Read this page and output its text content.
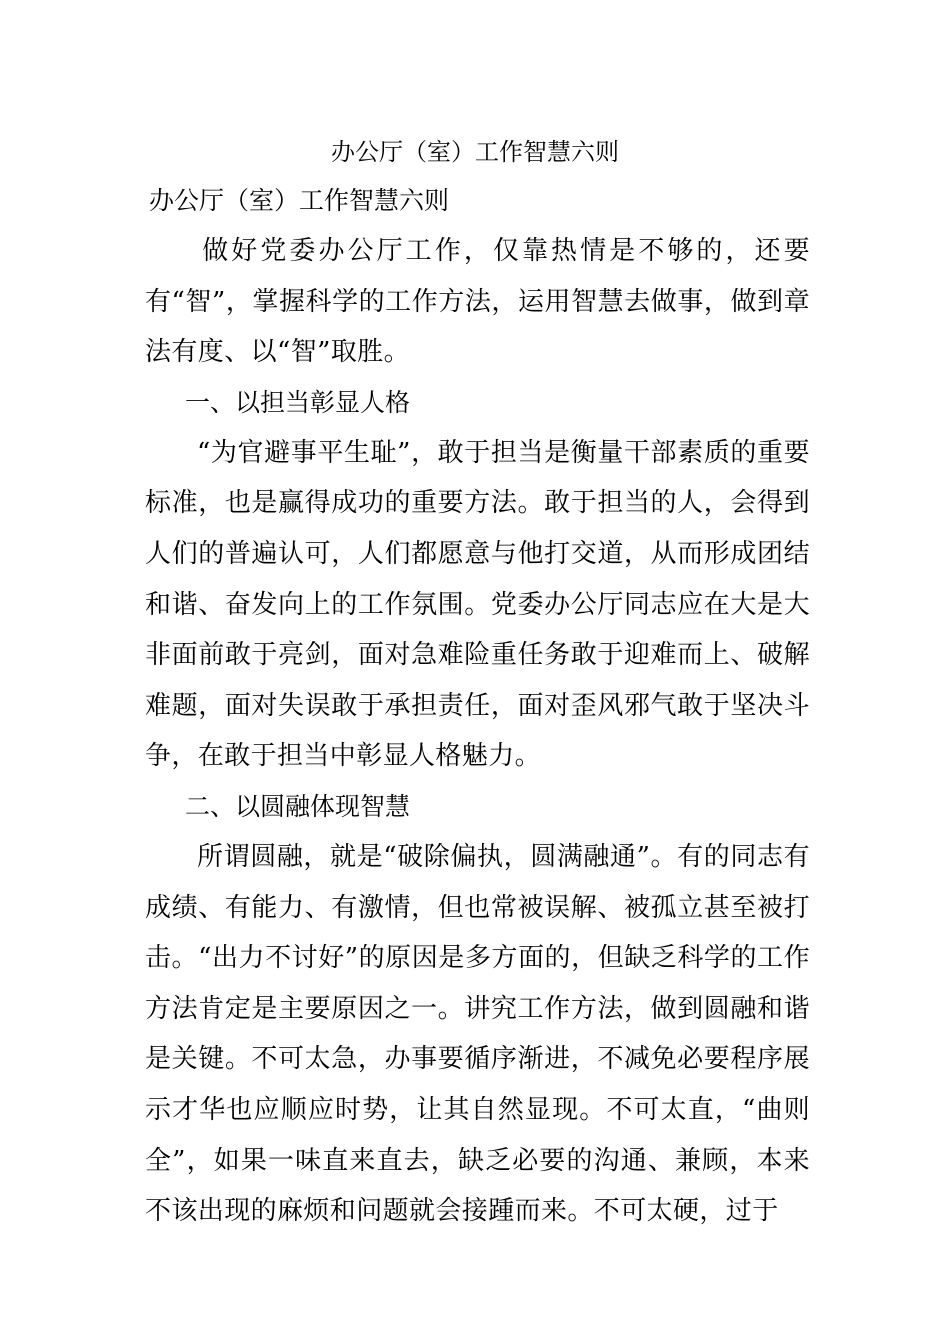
办公厅（室）工作智慧六则

办公厅（室）工作智慧六则

做好党委办公厅工作，仅靠热情是不够的，还要有“智”，掌握科学的工作方法，运用智慧去做事，做到章法有度、以“智”取胜。

一、以担当彰显人格

“为官避事平生耻”，敢于担当是衡量干部素质的重要标准，也是赢得成功的重要方法。敢于担当的人，会得到人们的普遍认可，人们都愿意与他打交道，从而形成团结和谐、奋发向上的工作氛围。党委办公厅同志应在大是大非面前敢于亮剑，面对急难险重任务敢于迎难而上、破解难题，面对失误敢于承担责任，面对歪风邪气敢于坚决斗争，在敢于担当中彰显人格魅力。

二、以圆融体现智慧

所谓圆融，就是“破除偏执，圆满融通”。有的同志有成绩、有能力、有激情，但也常被误解、被孤立甚至被打击。“出力不讨好”的原因是多方面的，但缺乏科学的工作方法肯定是主要原因之一。讲究工作方法，做到圆融和谐是关键。不可太急，办事要循序渐进，不减免必要程序展示才华也应顺应时势，让其自然显现。不可太直，“曲则全”，如果一味直来直去，缺乏必要的沟通、兼顾，本来不该出现的麻烦和问题就会接踵而来。不可太硬，过于
